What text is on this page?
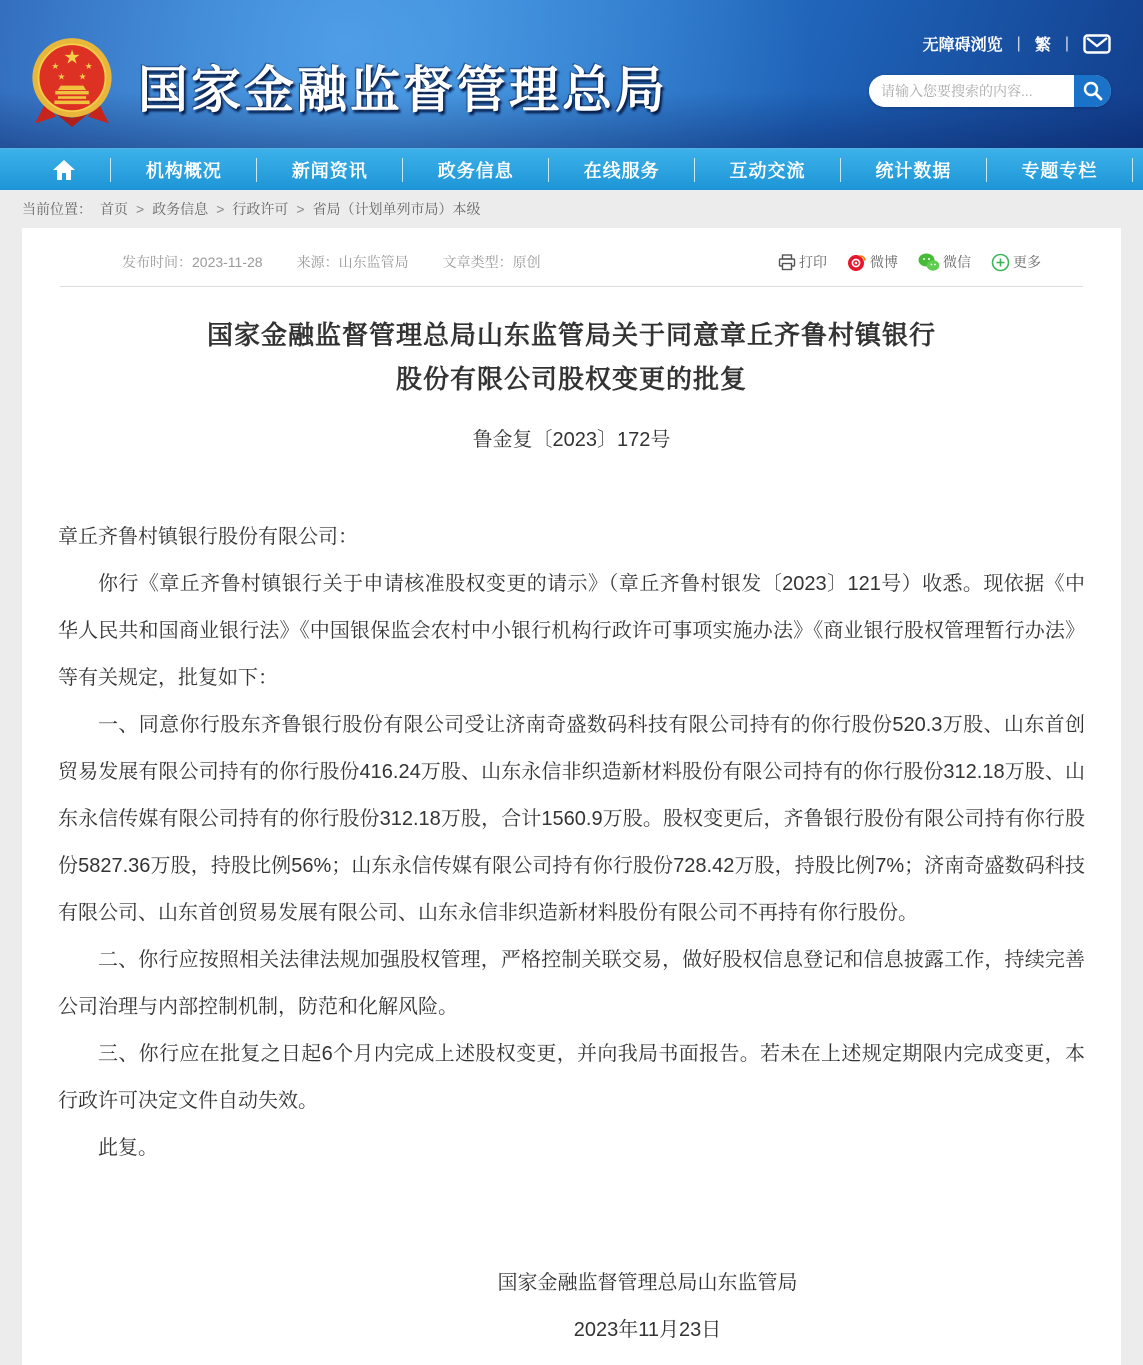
★
★	★
★ ★ 国家金融监督管理总局
无障碍浏览 | 繁 |
请输入您要搜索的内容...
机构概况	新闻资讯	政务信息	在线服务	互动交流	统计数据	专题专栏
当前位置： 首页 > 政务信息 > 行政许可 > 省局（计划单列市局）本级
发布时间：2023-11-28 来源：山东监管局 文章类型：原创	打印	微博	微信	更多
国家金融监督管理总局山东监管局关于同意章丘齐鲁村镇银行
股份有限公司股权变更的批复
鲁金复〔2023〕172号

章丘齐鲁村镇银行股份有限公司：

你行《章丘齐鲁村镇银行关于申请核准股权变更的请示》（章丘齐鲁村银发〔2023〕121号）收悉。现依据《中华人民共和国商业银行法》《中国银保监会农村中小银行机构行政许可事项实施办法》《商业银行股权管理暂行办法》等有关规定，批复如下：

一、同意你行股东齐鲁银行股份有限公司受让济南奇盛数码科技有限公司持有的你行股份520.3万股、山东首创贸易发展有限公司持有的你行股份416.24万股、山东永信非织造新材料股份有限公司持有的你行股份312.18万股、山东永信传媒有限公司持有的你行股份312.18万股，合计1560.9万股。股权变更后，齐鲁银行股份有限公司持有你行股份5827.36万股，持股比例56%；山东永信传媒有限公司持有你行股份728.42万股，持股比例7%；济南奇盛数码科技有限公司、山东首创贸易发展有限公司、山东永信非织造新材料股份有限公司不再持有你行股份。

二、你行应按照相关法律法规加强股权管理，严格控制关联交易，做好股权信息登记和信息披露工作，持续完善公司治理与内部控制机制，防范和化解风险。

三、你行应在批复之日起6个月内完成上述股权变更，并向我局书面报告。若未在上述规定期限内完成变更，本行政许可决定文件自动失效。

此复。

国家金融监督管理总局山东监管局
2023年11月23日
